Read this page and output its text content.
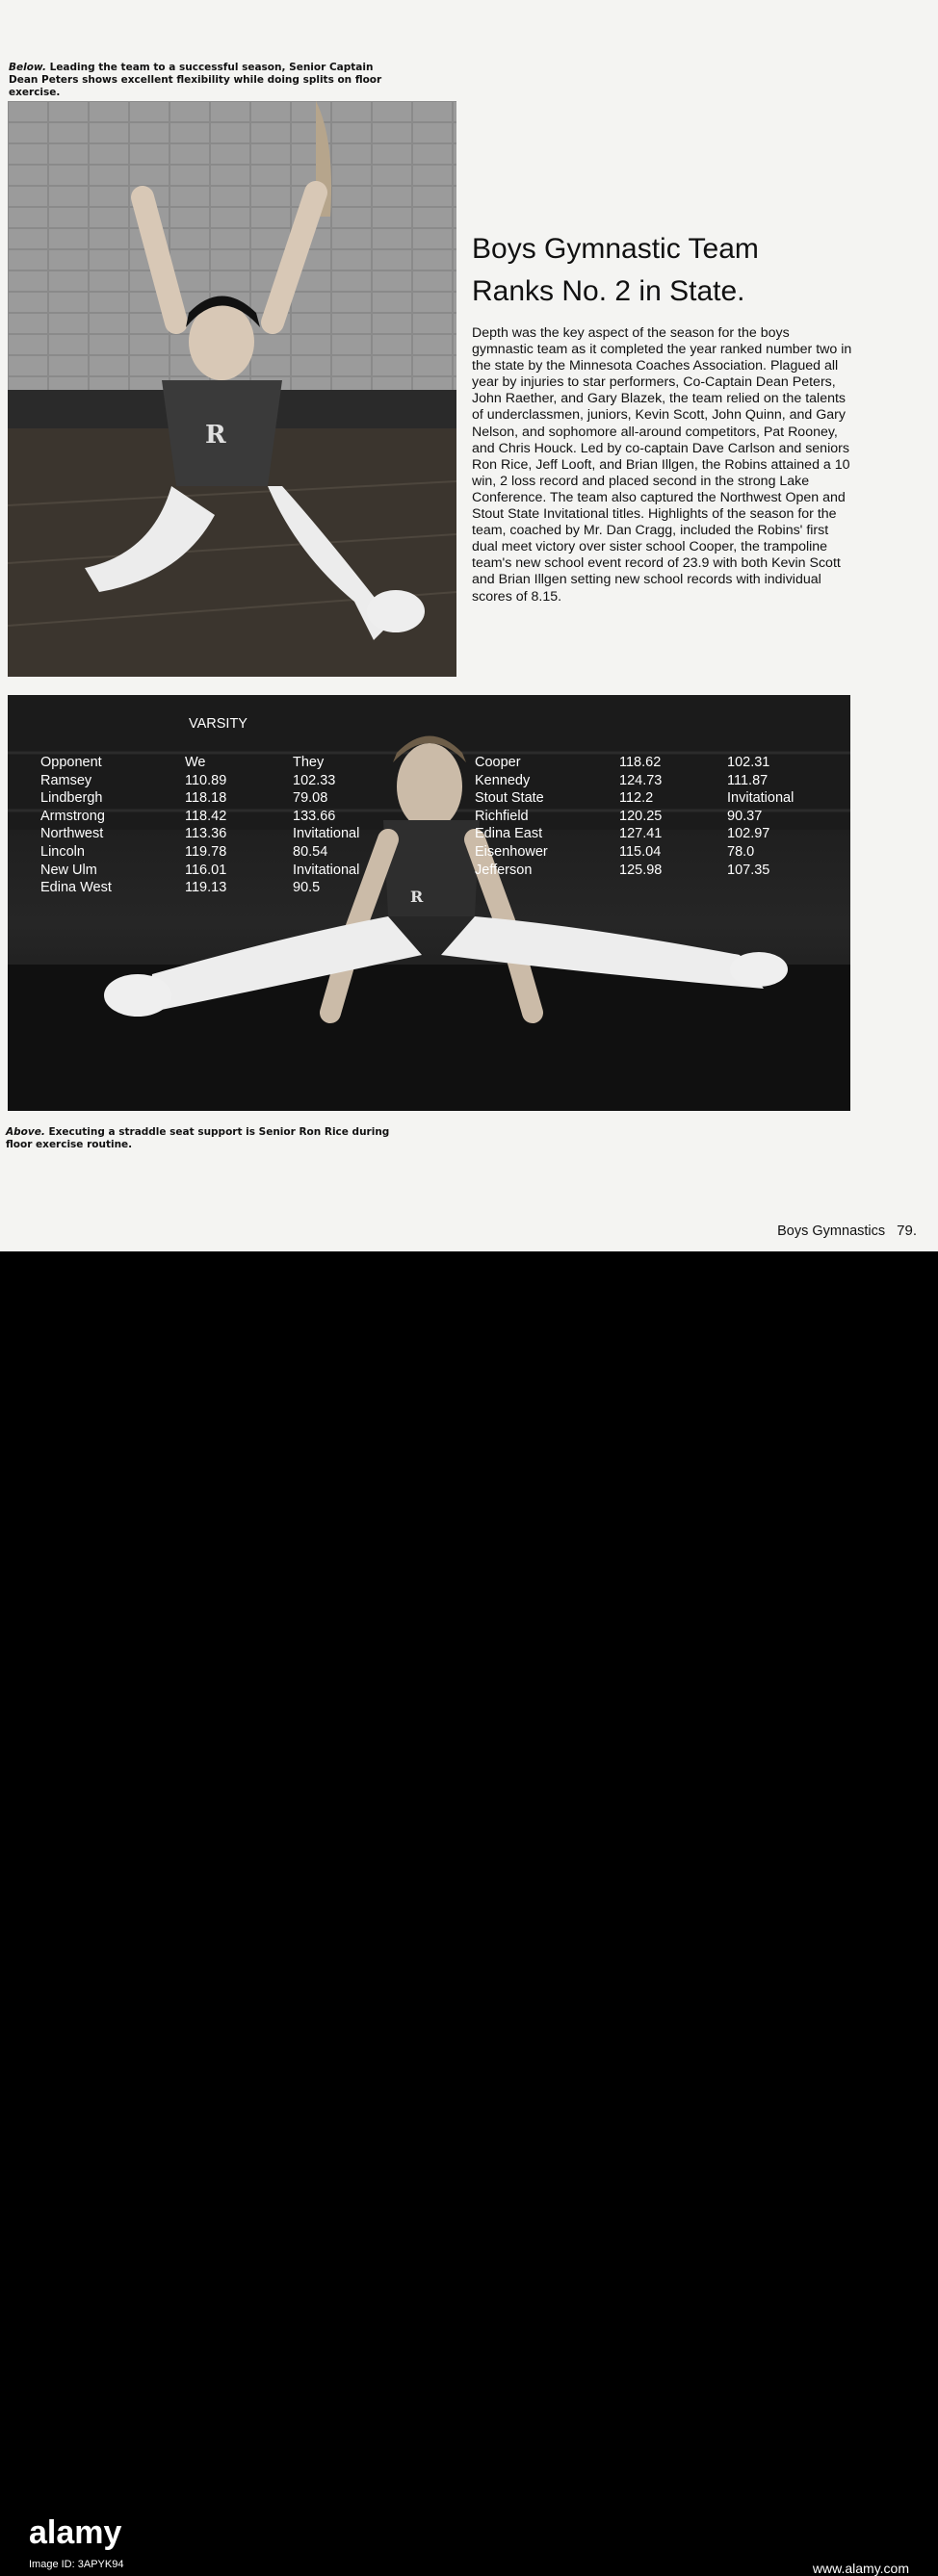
Below. Leading the team to a successful season, Senior Captain Dean Peters shows excellent flexibility while doing splits on floor exercise.
R
Boys Gymnastic Team
Ranks No. 2 in State.
Depth was the key aspect of the season for the boys gymnastic team as it completed the year ranked number two in the state by the Minnesota Coaches Association. Plagued all year by injuries to star performers, Co-Captain Dean Peters, John Raether, and Gary Blazek, the team relied on the talents of underclassmen, juniors, Kevin Scott, John Quinn, and Gary Nelson, and sophomore all-around competitors, Pat Rooney, and Chris Houck. Led by co-captain Dave Carlson and seniors Ron Rice, Jeff Looft, and Brian Illgen, the Robins attained a 10 win, 2 loss record and placed second in the strong Lake Conference. The team also captured the Northwest Open and Stout State Invitational titles. Highlights of the season for the team, coached by Mr. Dan Cragg, included the Robins' first dual meet victory over sister school Cooper, the trampoline team's new school event record of 23.9 with both Kevin Scott and Brian Illgen setting new school records with individual scores of 8.15.
R
VARSITY
Opponent	We	They
Ramsey	110.89	102.33
Lindbergh	118.18	79.08
Armstrong	118.42	133.66
Northwest	113.36	Invitational
Lincoln	119.78	80.54
New Ulm	116.01	Invitational
Edina West	119.13	90.5
Cooper	118.62	102.31
Kennedy	124.73	111.87
Stout State	112.2	Invitational
Richfield	120.25	90.37
Edina East	127.41	102.97
Eisenhower	115.04	78.0
Jefferson	125.98	107.35
Above. Executing a straddle seat support is Senior Ron Rice during floor exercise routine.
Boys Gymnastics 79.
alamy
Image ID: 3APYK94	www.alamy.com
